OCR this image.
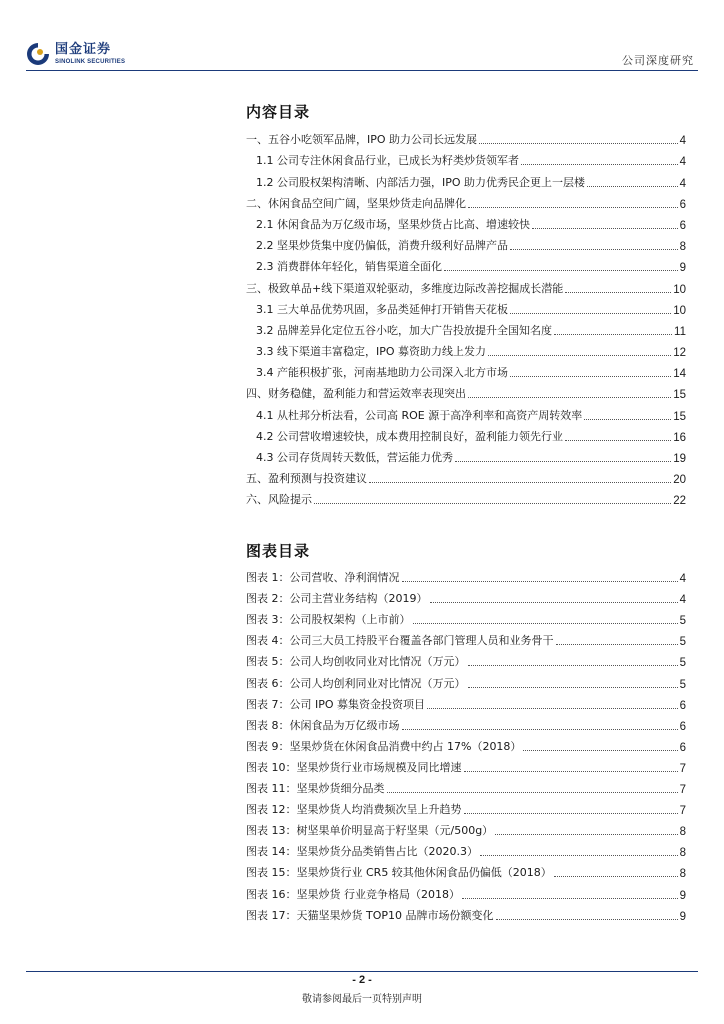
国金证券
SINOLINK SECURITIES	公司深度研究
内容目录
一、五谷小吃领军品牌，IPO 助力公司长远发展	4
1.1 公司专注休闲食品行业，已成长为籽类炒货领军者	4
1.2 公司股权架构清晰、内部活力强，IPO 助力优秀民企更上一层楼	4
二、休闲食品空间广阔，坚果炒货走向品牌化	6
2.1 休闲食品为万亿级市场，坚果炒货占比高、增速较快	6
2.2 坚果炒货集中度仍偏低，消费升级利好品牌产品	8
2.3 消费群体年轻化，销售渠道全面化	9
三、极致单品+线下渠道双轮驱动，多维度边际改善挖掘成长潜能	10
3.1 三大单品优势巩固，多品类延伸打开销售天花板	10
3.2 品牌差异化定位五谷小吃，加大广告投放提升全国知名度	11
3.3 线下渠道丰富稳定，IPO 募资助力线上发力	12
3.4 产能积极扩张，河南基地助力公司深入北方市场	14
四、财务稳健，盈利能力和营运效率表现突出	15
4.1 从杜邦分析法看，公司高 ROE 源于高净利率和高资产周转效率	15
4.2 公司营收增速较快，成本费用控制良好，盈利能力领先行业	16
4.3 公司存货周转天数低，营运能力优秀	19
五、盈利预测与投资建议	20
六、风险提示	22
图表目录
图表 1：公司营收、净利润情况	4
图表 2：公司主营业务结构（2019）	4
图表 3：公司股权架构（上市前）	5
图表 4：公司三大员工持股平台覆盖各部门管理人员和业务骨干	5
图表 5：公司人均创收同业对比情况（万元）	5
图表 6：公司人均创利同业对比情况（万元）	5
图表 7：公司 IPO 募集资金投资项目	6
图表 8：休闲食品为万亿级市场	6
图表 9：坚果炒货在休闲食品消费中约占 17%（2018）	6
图表 10：坚果炒货行业市场规模及同比增速	7
图表 11：坚果炒货细分品类	7
图表 12：坚果炒货人均消费频次呈上升趋势	7
图表 13：树坚果单价明显高于籽坚果（元/500g）	8
图表 14：坚果炒货分品类销售占比（2020.3）	8
图表 15：坚果炒货行业 CR5 较其他休闲食品仍偏低（2018）	8
图表 16：坚果炒货 行业竞争格局（2018）	9
图表 17：天猫坚果炒货 TOP10 品牌市场份额变化	9
- 2 -
敬请参阅最后一页特别声明
